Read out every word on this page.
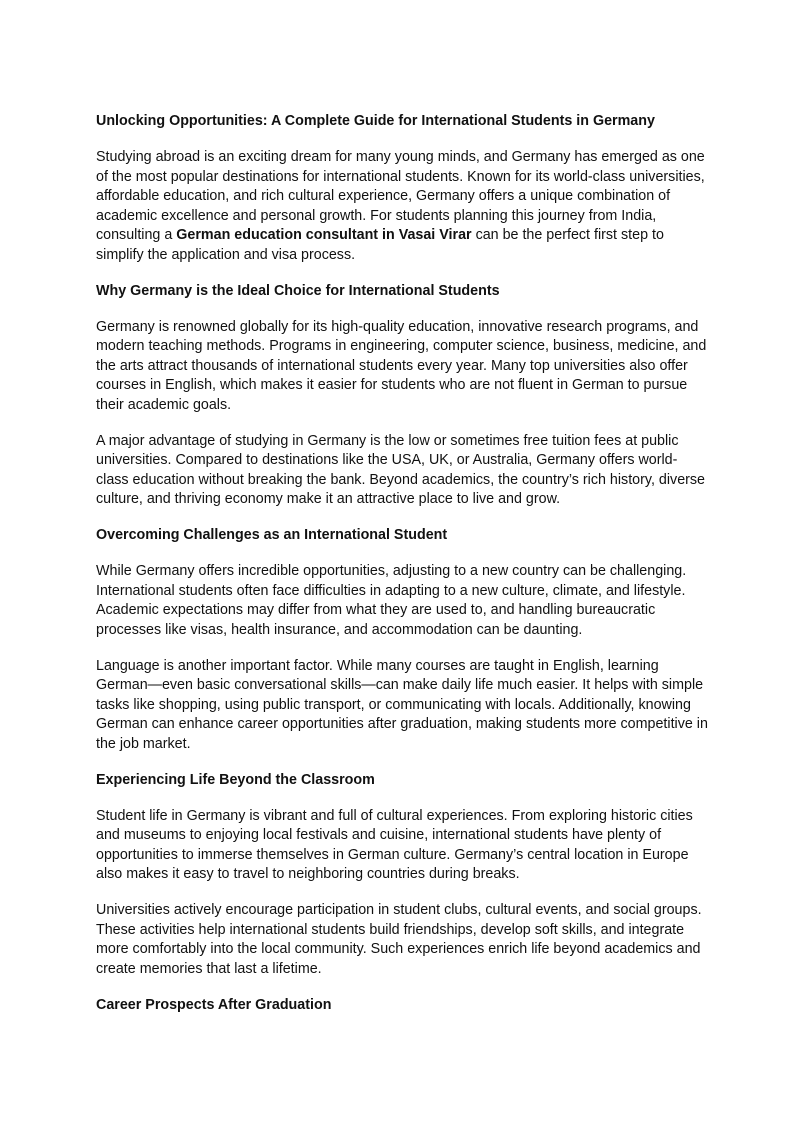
Unlocking Opportunities: A Complete Guide for International Students in Germany

Studying abroad is an exciting dream for many young minds, and Germany has emerged as one of the most popular destinations for international students. Known for its world-class universities, affordable education, and rich cultural experience, Germany offers a unique combination of academic excellence and personal growth. For students planning this journey from India, consulting a German education consultant in Vasai Virar can be the perfect first step to simplify the application and visa process.

Why Germany is the Ideal Choice for International Students

Germany is renowned globally for its high-quality education, innovative research programs, and modern teaching methods. Programs in engineering, computer science, business, medicine, and the arts attract thousands of international students every year. Many top universities also offer courses in English, which makes it easier for students who are not fluent in German to pursue their academic goals.

A major advantage of studying in Germany is the low or sometimes free tuition fees at public universities. Compared to destinations like the USA, UK, or Australia, Germany offers world-class education without breaking the bank. Beyond academics, the country’s rich history, diverse culture, and thriving economy make it an attractive place to live and grow.

Overcoming Challenges as an International Student

While Germany offers incredible opportunities, adjusting to a new country can be challenging. International students often face difficulties in adapting to a new culture, climate, and lifestyle. Academic expectations may differ from what they are used to, and handling bureaucratic processes like visas, health insurance, and accommodation can be daunting.

Language is another important factor. While many courses are taught in English, learning German—even basic conversational skills—can make daily life much easier. It helps with simple tasks like shopping, using public transport, or communicating with locals. Additionally, knowing German can enhance career opportunities after graduation, making students more competitive in the job market.

Experiencing Life Beyond the Classroom

Student life in Germany is vibrant and full of cultural experiences. From exploring historic cities and museums to enjoying local festivals and cuisine, international students have plenty of opportunities to immerse themselves in German culture. Germany’s central location in Europe also makes it easy to travel to neighboring countries during breaks.

Universities actively encourage participation in student clubs, cultural events, and social groups. These activities help international students build friendships, develop soft skills, and integrate more comfortably into the local community. Such experiences enrich life beyond academics and create memories that last a lifetime.

Career Prospects After Graduation
